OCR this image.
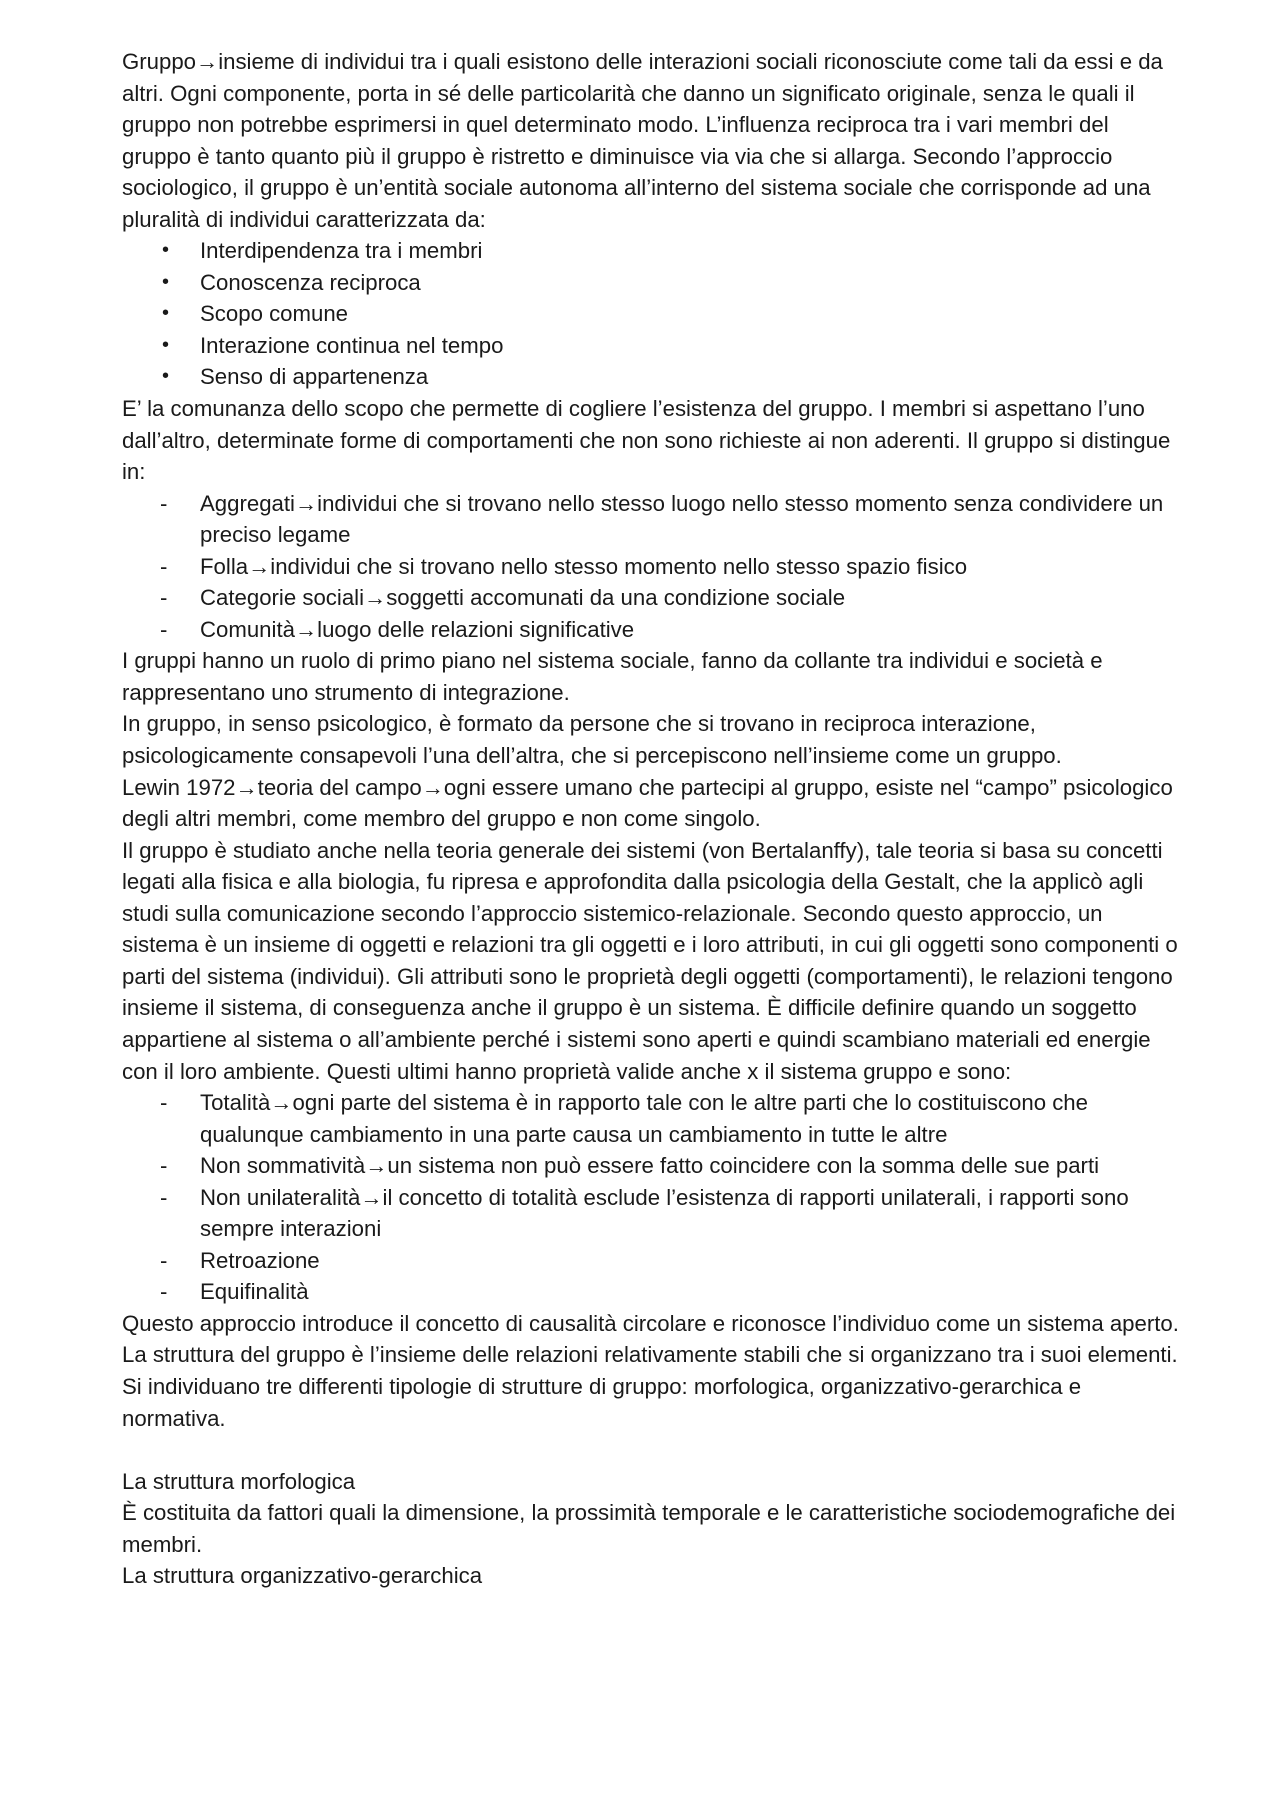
Gruppo→insieme di individui tra i quali esistono delle interazioni sociali riconosciute come tali da essi e da altri. Ogni componente, porta in sé delle particolarità che danno un significato originale, senza le quali il gruppo non potrebbe esprimersi in quel determinato modo. L’influenza reciproca tra i vari membri del gruppo è tanto quanto più il gruppo è ristretto e diminuisce via via che si allarga. Secondo l’approccio sociologico, il gruppo è un’entità sociale autonoma all’interno del sistema sociale che corrisponde ad una pluralità di individui caratterizzata da:

•	Interdipendenza tra i membri
•	Conoscenza reciproca
•	Scopo comune
•	Interazione continua nel tempo
•	Senso di appartenenza

E’ la comunanza dello scopo che permette di cogliere l’esistenza del gruppo. I membri si aspettano l’uno dall’altro, determinate forme di comportamenti che non sono richieste ai non aderenti. Il gruppo si distingue in:

-	Aggregati→individui che si trovano nello stesso luogo nello stesso momento senza condividere un preciso legame
-	Folla→individui che si trovano nello stesso momento nello stesso spazio fisico
-	Categorie sociali→soggetti accomunati da una condizione sociale
-	Comunità→luogo delle relazioni significative

I gruppi hanno un ruolo di primo piano nel sistema sociale, fanno da collante tra individui e società e rappresentano uno strumento di integrazione.

In gruppo, in senso psicologico, è formato da persone che si trovano in reciproca interazione, psicologicamente consapevoli l’una dell’altra, che si percepiscono nell’insieme come un gruppo.

Lewin 1972→teoria del campo→ogni essere umano che partecipi al gruppo, esiste nel “campo” psicologico degli altri membri, come membro del gruppo e non come singolo.

Il gruppo è studiato anche nella teoria generale dei sistemi (von Bertalanffy), tale teoria si basa su concetti legati alla fisica e alla biologia, fu ripresa e approfondita dalla psicologia della Gestalt, che la applicò agli studi sulla comunicazione secondo l’approccio sistemico-relazionale. Secondo questo approccio, un sistema è un insieme di oggetti e relazioni tra gli oggetti e i loro attributi, in cui gli oggetti sono componenti o parti del sistema (individui). Gli attributi sono le proprietà degli oggetti (comportamenti), le relazioni tengono insieme il sistema, di conseguenza anche il gruppo è un sistema. È difficile definire quando un soggetto appartiene al sistema o all’ambiente perché i sistemi sono aperti e quindi scambiano materiali ed energie con il loro ambiente. Questi ultimi hanno proprietà valide anche x il sistema gruppo e sono:

-	Totalità→ogni parte del sistema è in rapporto tale con le altre parti che lo costituiscono che qualunque cambiamento in una parte causa un cambiamento in tutte le altre
-	Non sommatività→un sistema non può essere fatto coincidere con la somma delle sue parti
-	Non unilateralità→il concetto di totalità esclude l’esistenza di rapporti unilaterali, i rapporti sono sempre interazioni
-	Retroazione
-	Equifinalità

Questo approccio introduce il concetto di causalità circolare e riconosce l’individuo come un sistema aperto.

La struttura del gruppo è l’insieme delle relazioni relativamente stabili che si organizzano tra i suoi elementi. Si individuano tre differenti tipologie di strutture di gruppo: morfologica, organizzativo-gerarchica e normativa.

La struttura morfologica

È costituita da fattori quali la dimensione, la prossimità temporale e le caratteristiche sociodemografiche dei membri.

La struttura organizzativo-gerarchica
